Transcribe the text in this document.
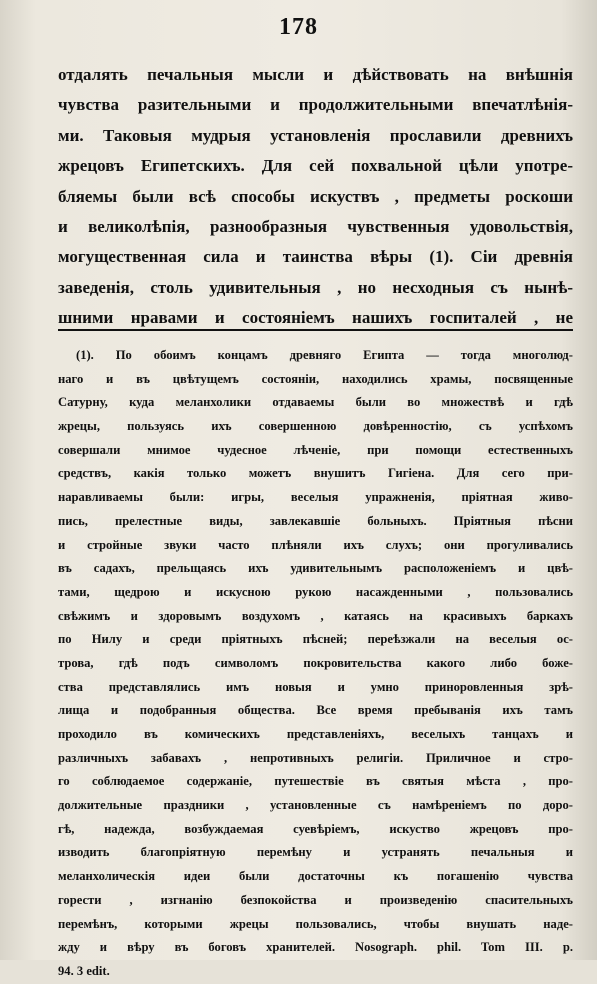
178
отдалять печальныя мысли и дѣйствовать на внѣшнія
чувства разительными и продолжительными впечатлѣнія-
ми. Таковыя мудрыя установленія прославили древнихъ
жрецовъ Египетскихъ. Для сей похвальной цѣли употре-
бляемы были всѣ способы искуствъ , предметы роскоши
и великолѣпія, разнообразныя чувственныя удовольствія,
могущественная сила и таинства вѣры (1). Сіи древнія
заведенія, столь удивительныя , но несходныя съ нынѣ-
шними нравами и состояніемъ нашихъ госпиталей , не
(1). По обоимъ концамъ древняго Египта — тогда многолюд-
наго и въ цвѣтущемъ состояніи, находились храмы, посвященные
Сатурну, куда меланхолики отдаваемы были во множествѣ и гдѣ
жрецы, пользуясь ихъ совершенною довѣренностію, съ успѣхомъ
совершали мнимое чудесное лѣченіе, при помощи естественныхъ
средствъ, какія только можетъ внушитъ Гигіена. Для сего при-
наравливаемы были: игры, веселыя упражненія, пріятная живо-
пись, прелестные виды, завлекавшіе больныхъ. Пріятныя пѣсни
и стройные звуки часто плѣняли ихъ слухъ; они прогуливались
въ садахъ, прельщаясь ихъ удивительнымъ расположеніемъ и цвѣ-
тами, щедрою и искусною рукою насажденными , пользовались
свѣжимъ и здоровымъ воздухомъ , катаясь на красивыхъ баркахъ
по Нилу и среди пріятныхъ пѣсней; переѣзжали на веселыя ос-
трова, гдѣ подъ символомъ покровительства какого либо боже-
ства представлялись имъ новыя и умно приноровленныя зрѣ-
лища и подобранныя общества. Все время пребыванія ихъ тамъ
проходило въ комическихъ представленіяхъ, веселыхъ танцахъ и
различныхъ забавахъ , непротивныхъ религіи. Приличное и стро-
го соблюдаемое содержаніе, путешествіе въ святыя мѣста , про-
должительные праздники , установленные съ намѣреніемъ по доро-
гѣ, надежда, возбуждаемая суевѣріемъ, искуство жрецовъ про-
изводить благопріятную перемѣну и устранять печальныя и
меланхолическія идеи были достаточны къ погашенію чувства
горести , изгнанію безпокойства и произведенію спасительныхъ
перемѣнъ, которыми жрецы пользовались, чтобы внушать надe-
жду и вѣру въ боговъ хранителей. Nosograph. phil. Tom III. p.
94. 3 edit.
